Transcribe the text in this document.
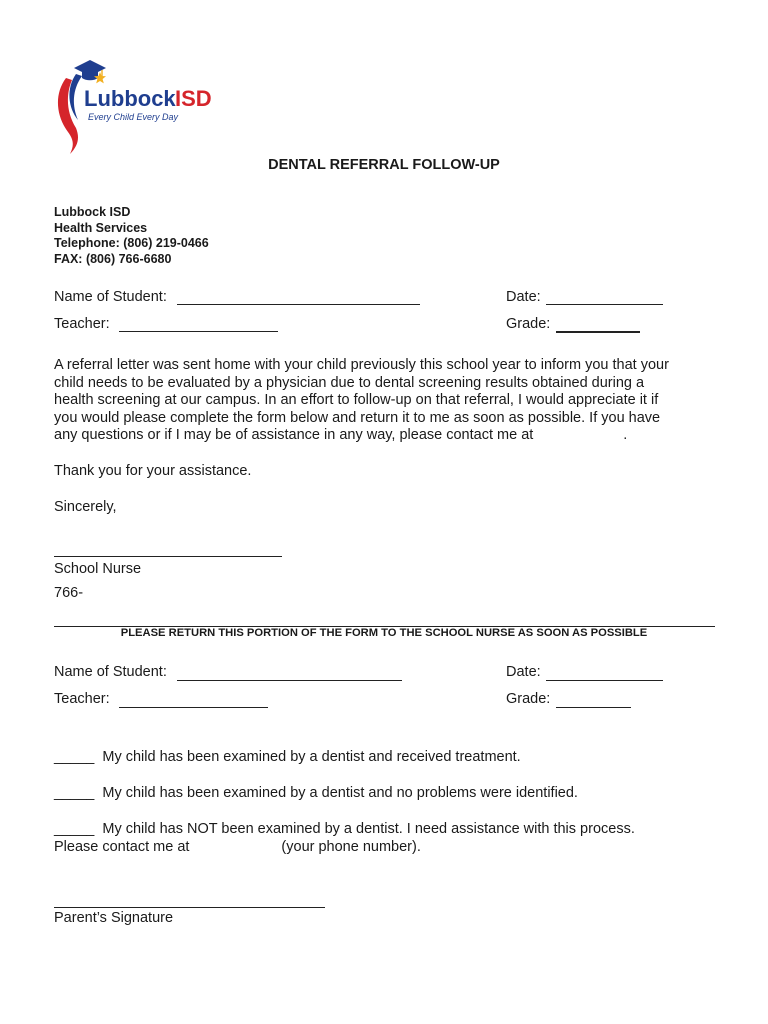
Lubbock ISD
Every Child Every Day
DENTAL REFERRAL FOLLOW-UP
Lubbock ISD
Health Services
Telephone: (806) 219-0466
FAX: (806) 766-6680
Name of Student:	Date:
Teacher:	Grade:
A referral letter was sent home with your child previously this school year to inform you that your
child needs to be evaluated by a physician due to dental screening results obtained during a
health screening at our campus. In an effort to follow-up on that referral, I would appreciate it if
you would please complete the form below and return it to me as soon as possible. If you have
any questions or if I may be of assistance in any way, please contact me at	.
Thank you for your assistance.
Sincerely,
School Nurse
766-
PLEASE RETURN THIS PORTION OF THE FORM TO THE SCHOOL NURSE AS SOON AS POSSIBLE
Name of Student:	Date:
Teacher:	Grade:
_____ My child has been examined by a dentist and received treatment.
_____ My child has been examined by a dentist and no problems were identified.
_____ My child has NOT been examined by a dentist. I need assistance with this process.
Please contact me at	(your phone number).
Parent’s Signature
